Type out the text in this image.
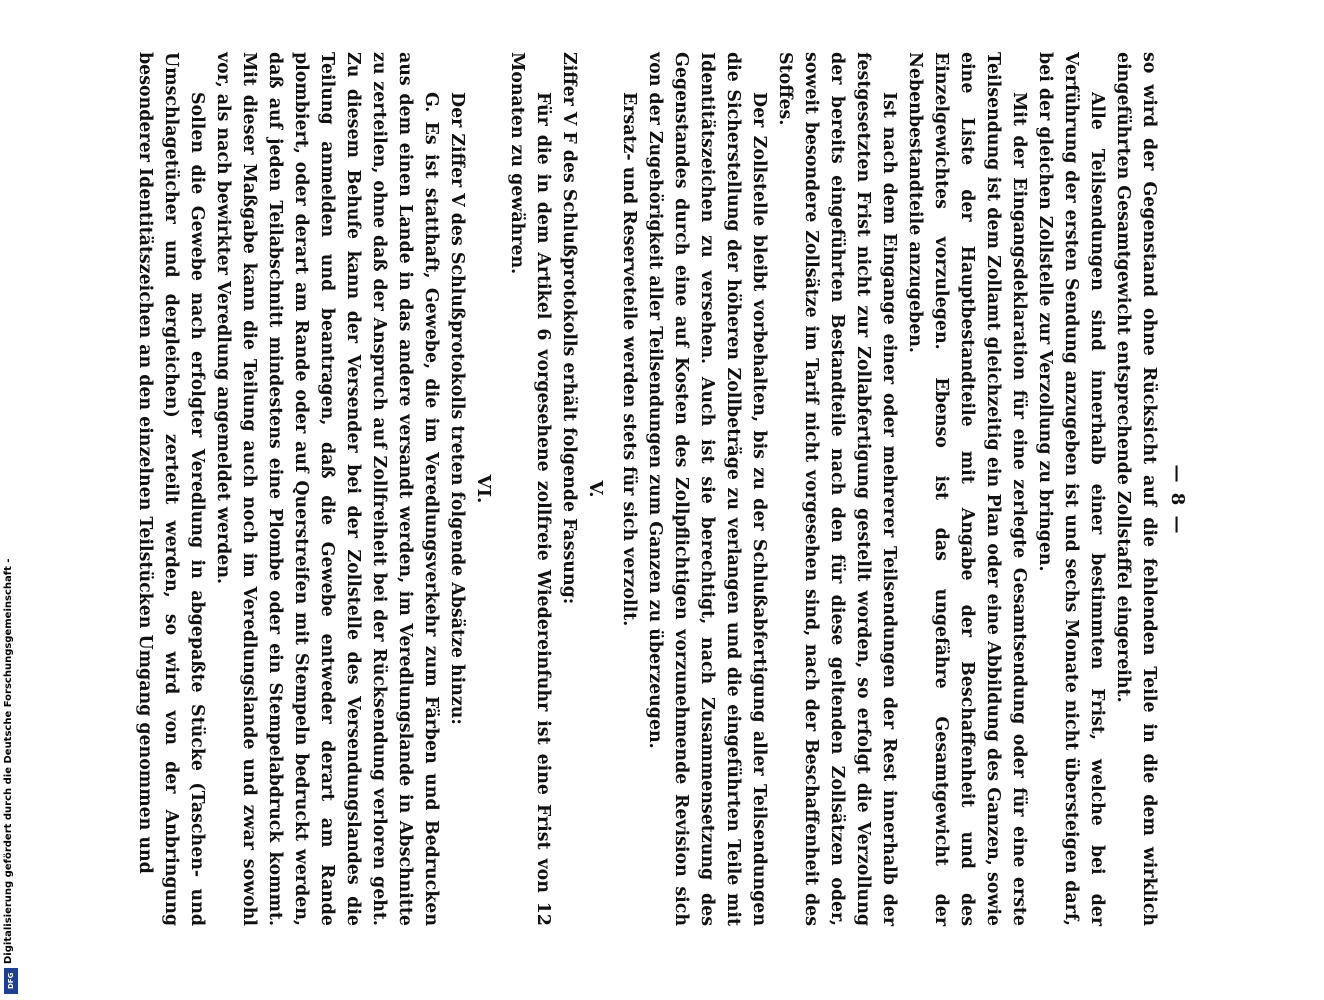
— 8 —

so wird der Gegenstand ohne Rücksicht auf die fehlenden Teile in die dem wirklich eingeführten Gesamtgewicht entsprechende Zollstaffel eingereiht.

Alle Teilsendungen sind innerhalb einer bestimmten Frist, welche bei der Verführung der ersten Sendung anzugeben ist und sechs Monate nicht übersteigen darf, bei der gleichen Zollstelle zur Verzollung zu bringen.

Mit der Eingangsdeklaration für eine zerlegte Gesamtsendung oder für eine erste Teilsendung ist dem Zollamt gleichzeitig ein Plan oder eine Abbildung des Ganzen, sowie eine Liste der Hauptbestandteile mit Angabe der Beschaffenheit und des Einzelgewichtes vorzulegen. Ebenso ist das ungefähre Gesamtgewicht der Nebenbestandteile anzugeben.

Ist nach dem Eingange einer oder mehrerer Teilsendungen der Rest innerhalb der festgesetzten Frist nicht zur Zollabfertigung gestellt worden, so erfolgt die Verzollung der bereits eingeführten Bestandteile nach den für diese geltenden Zollsätzen oder, soweit besondere Zollsätze im Tarif nicht vorgesehen sind, nach der Beschaffenheit des Stoffes.

Der Zollstelle bleibt vorbehalten, bis zu der Schlußabfertigung aller Teilsendungen die Sicherstellung der höheren Zollbeträge zu verlangen und die eingeführten Teile mit Identitätszeichen zu versehen. Auch ist sie berechtigt, nach Zusammensetzung des Gegenstandes durch eine auf Kosten des Zollpflichtigen vorzunehmende Revision sich von der Zugehörigkeit aller Teilsendungen zum Ganzen zu überzeugen.

Ersatz- und Reserveteile werden stets für sich verzollt.

V.

Ziffer V F des Schlußprotokolls erhält folgende Fassung:

Für die in dem Artikel 6 vorgesehene zollfreie Wiedereinfuhr ist eine Frist von 12 Monaten zu gewähren.

VI.

Der Ziffer V des Schlußprotokolls treten folgende Absätze hinzu:

G. Es ist statthaft, Gewebe, die im Veredlungsverkehr zum Färben und Bedrucken aus dem einen Lande in das andere versandt werden, im Veredlungslande in Abschnitte zu zerteilen, ohne daß der Anspruch auf Zollfreiheit bei der Rücksendung verloren geht. Zu diesem Behufe kann der Versender bei der Zollstelle des Versendungslandes die Teilung anmelden und beantragen, daß die Gewebe entweder derart am Rande plombiert, oder derart am Rande oder auf Querstreifen mit Stempeln bedruckt werden, daß auf jeden Teilabschnitt mindestens eine Plombe oder ein Stempelabdruck kommt. Mit dieser Maßgabe kann die Teilung auch noch im Veredlungslande und zwar sowohl vor, als nach bewirkter Veredlung angemeldet werden.

Sollen die Gewebe nach erfolgter Veredlung in abgepaßte Stücke (Taschen- und Umschlagetücher und dergleichen) zerteilt werden, so wird von der Anbringung besonderer Identitätszeichen an den einzelnen Teilstücken Umgang genommen und

Digitalisierung gefördert durch die Deutsche Forschungsgemeinschaft -
DFG
